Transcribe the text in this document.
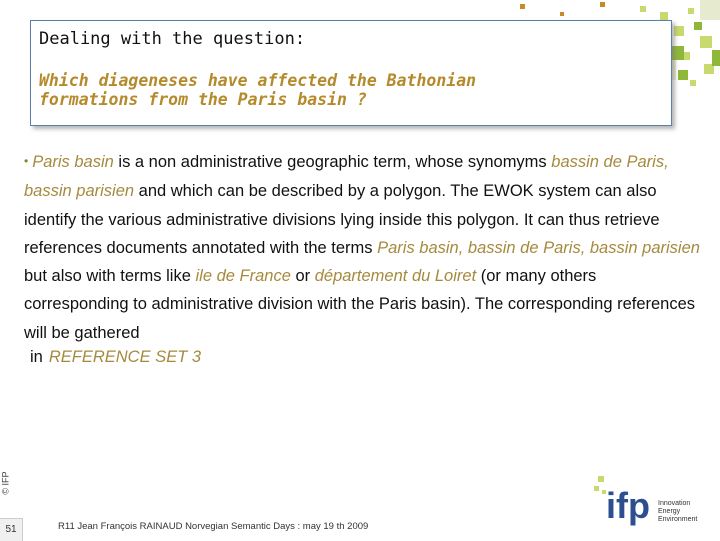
Dealing with the question:
Which diageneses have affected the Bathonian
formations from the Paris basin ?
• Paris basin is a non administrative geographic term, whose synomyms bassin de Paris, bassin parisien and which can be described by a polygon. The EWOK system can also identify the various administrative divisions lying inside this polygon. It can thus retrieve references documents annotated with the terms Paris basin, bassin de Paris, bassin parisien but also with terms like ile de France or département du Loiret (or many others corresponding to administrative division with the Paris basin). The corresponding references will be gathered
in REFERENCE SET 3
© IFP
51	R11 Jean François RAINAUD Norvegian Semantic Days : may 19 th 2009
ifp Innovation
Energy
Environment
